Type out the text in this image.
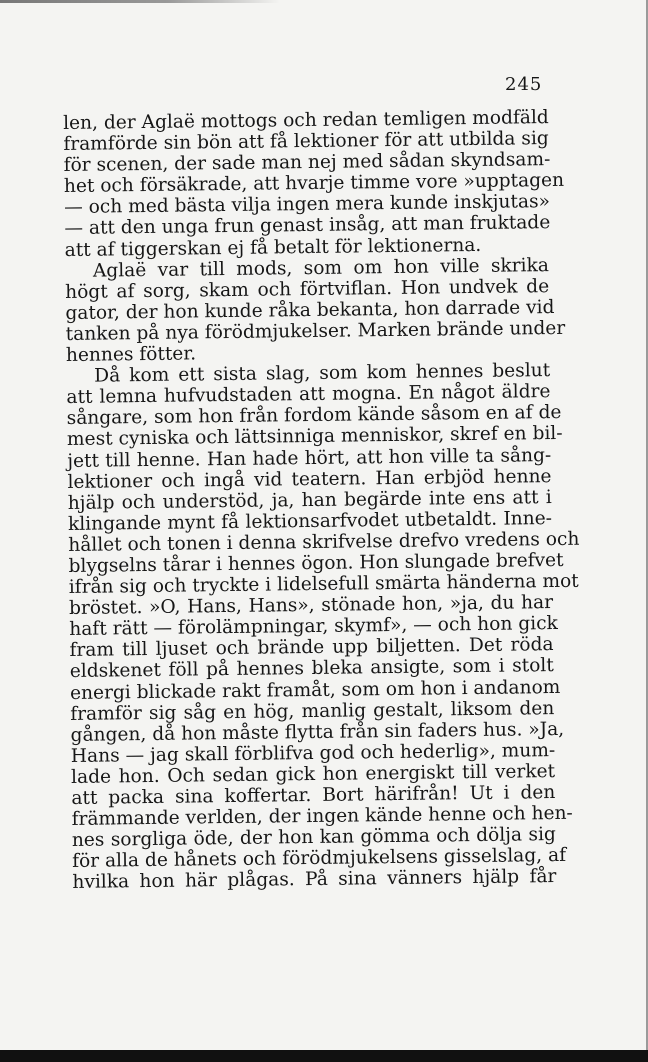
245
len, der Aglaë mottogs och redan temligen modfäld
framförde sin bön att få lektioner för att utbilda sig
för scenen, der sade man nej med sådan skyndsam-
het och försäkrade, att hvarje timme vore »upptagen
— och med bästa vilja ingen mera kunde inskjutas»
— att den unga frun genast insåg, att man fruktade
att af tiggerskan ej få betalt för lektionerna.
Aglaë var till mods, som om hon ville skrika
högt af sorg, skam och förtviflan. Hon undvek de
gator, der hon kunde råka bekanta, hon darrade vid
tanken på nya förödmjukelser. Marken brände under
hennes fötter.
Då kom ett sista slag, som kom hennes beslut
att lemna hufvudstaden att mogna. En något äldre
sångare, som hon från fordom kände såsom en af de
mest cyniska och lättsinniga menniskor, skref en bil-
jett till henne. Han hade hört, att hon ville ta sång-
lektioner och ingå vid teatern. Han erbjöd henne
hjälp och understöd, ja, han begärde inte ens att i
klingande mynt få lektionsarfvodet utbetaldt. Inne-
hållet och tonen i denna skrifvelse drefvo vredens och
blygselns tårar i hennes ögon. Hon slungade brefvet
ifrån sig och tryckte i lidelsefull smärta händerna mot
bröstet. »O, Hans, Hans», stönade hon, »ja, du har
haft rätt — förolämpningar, skymf», — och hon gick
fram till ljuset och brände upp biljetten. Det röda
eldskenet föll på hennes bleka ansigte, som i stolt
energi blickade rakt framåt, som om hon i andanom
framför sig såg en hög, manlig gestalt, liksom den
gången, då hon måste flytta från sin faders hus. »Ja,
Hans — jag skall förblifva god och hederlig», mum-
lade hon. Och sedan gick hon energiskt till verket
att packa sina koffertar. Bort härifrån! Ut i den
främmande verlden, der ingen kände henne och hen-
nes sorgliga öde, der hon kan gömma och dölja sig
för alla de hånets och förödmjukelsens gisselslag, af
hvilka hon här plågas. På sina vänners hjälp får
